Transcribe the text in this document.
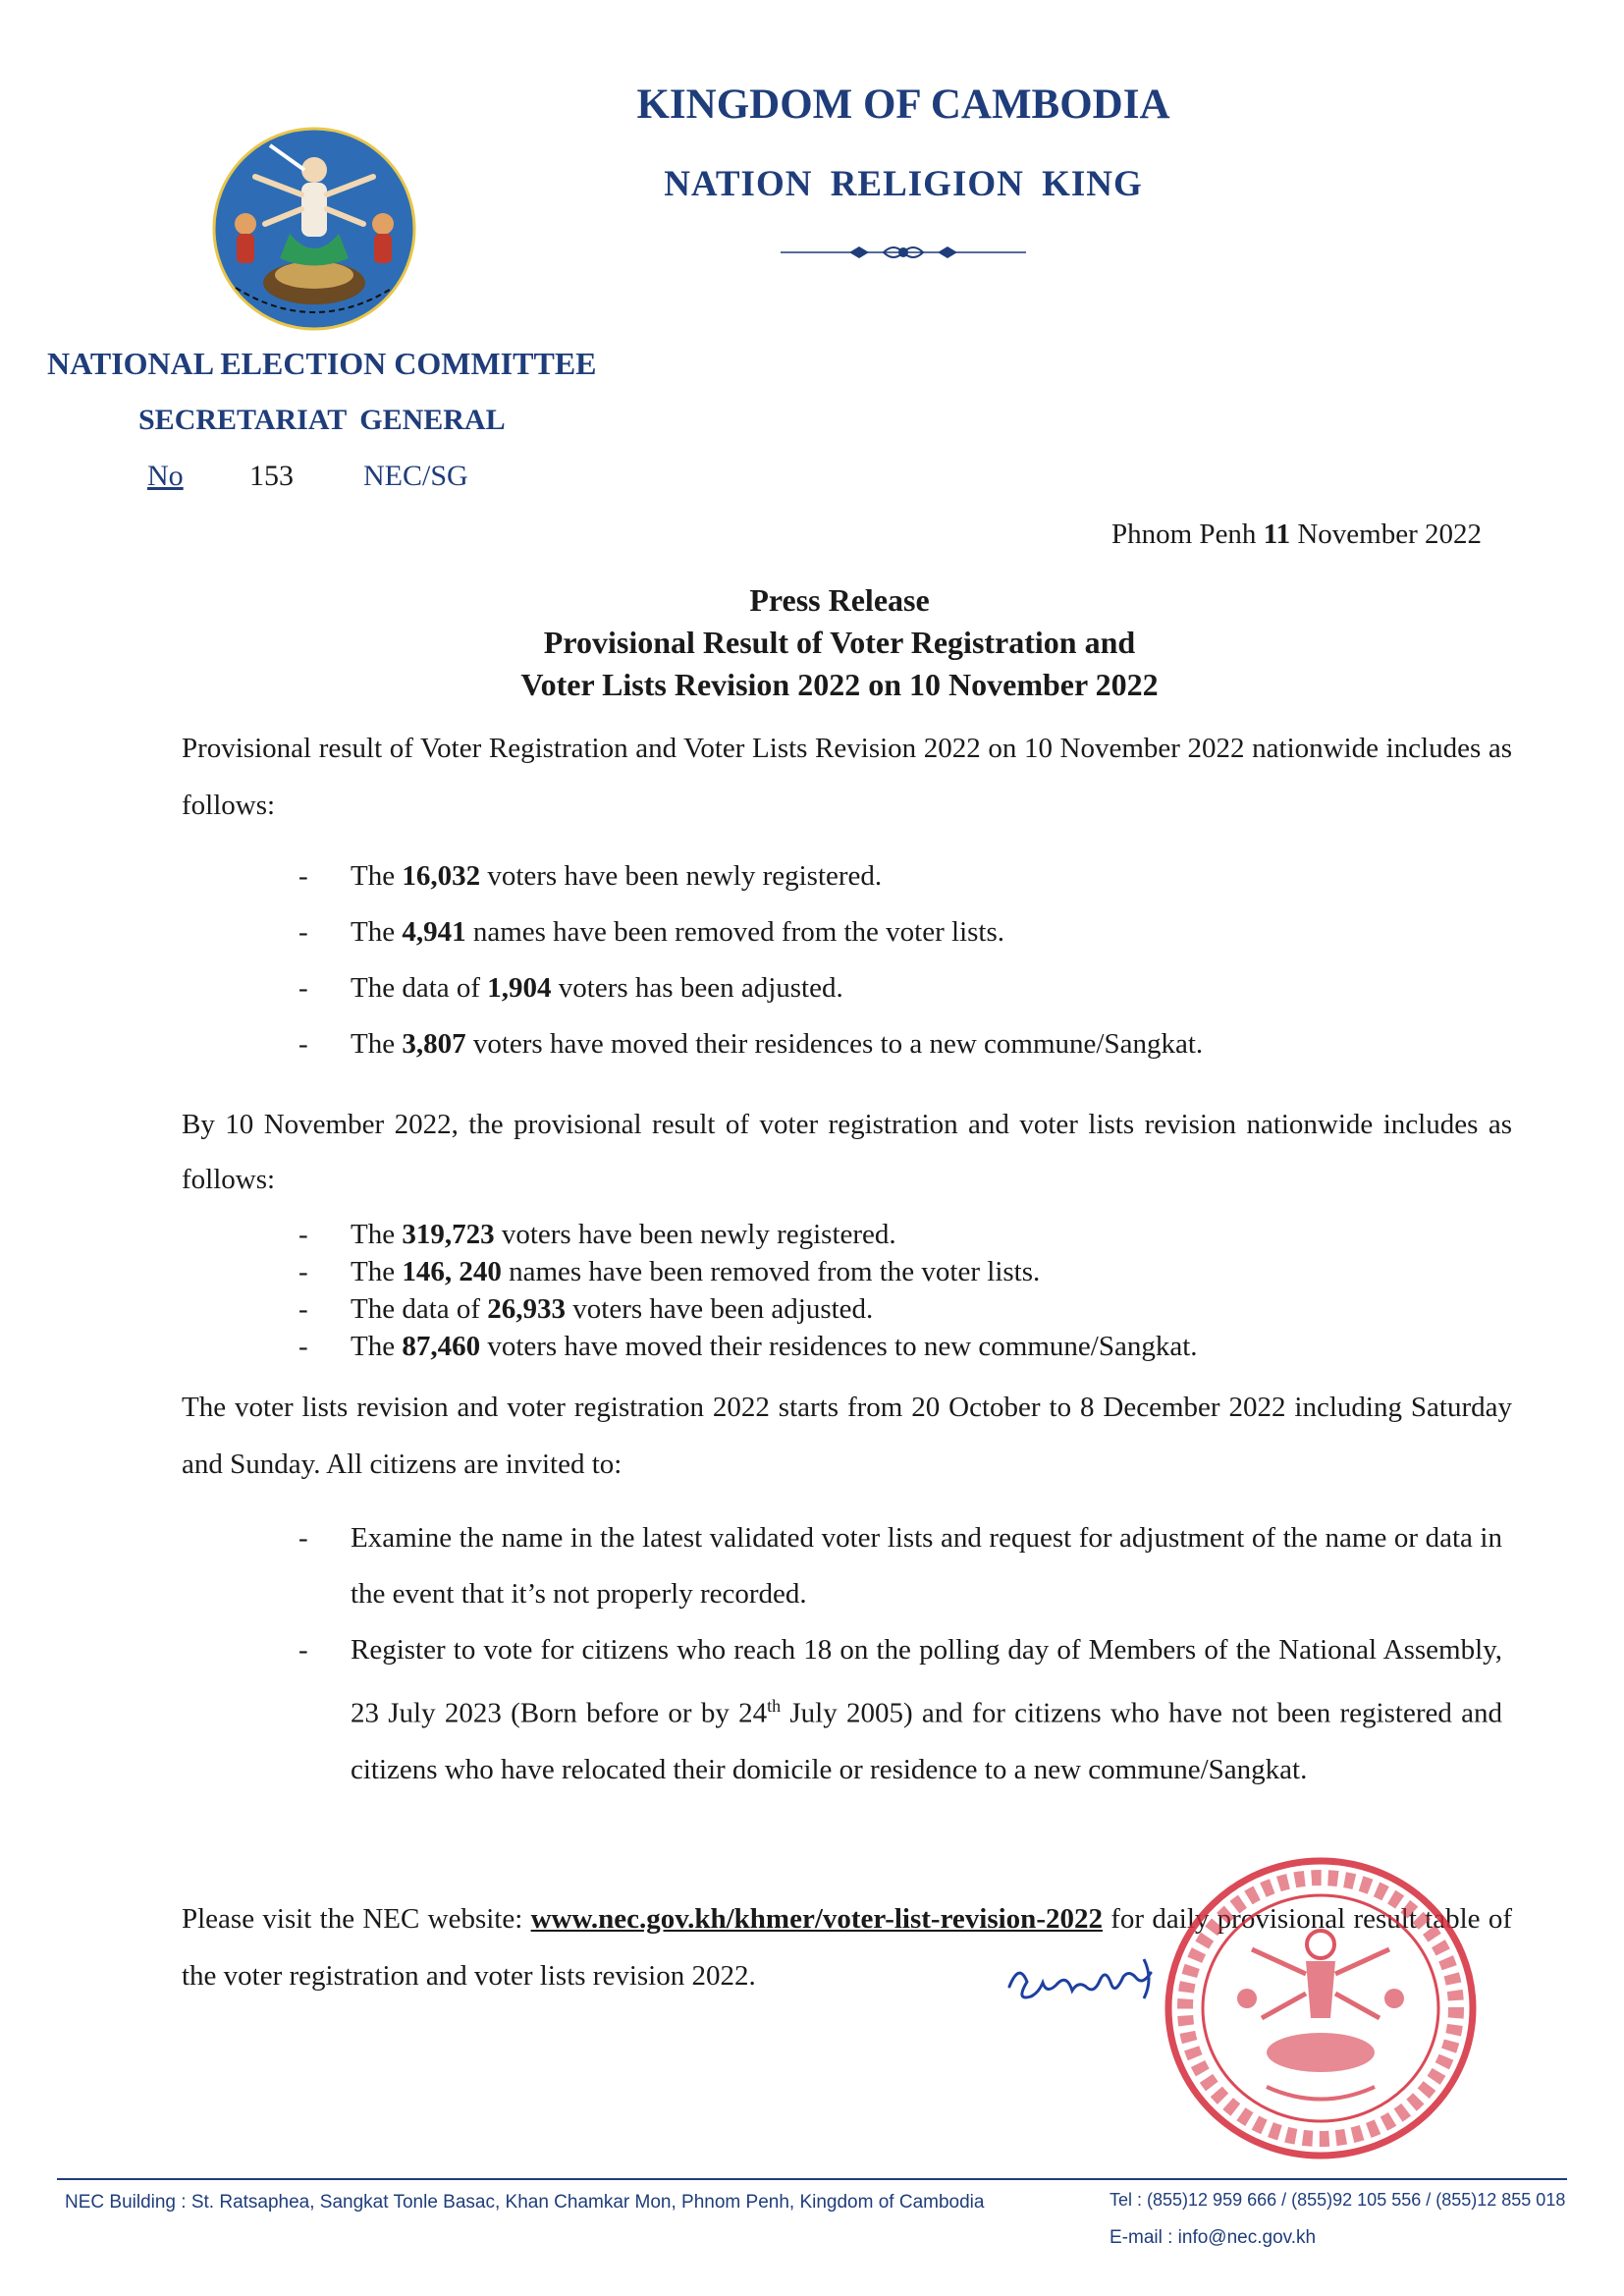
KINGDOM OF CAMBODIA
NATION RELIGION KING
NATIONAL ELECTION COMMITTEE
SECRETARIAT GENERAL
No 153 NEC/SG
Phnom Penh 11 November 2022
Press Release
Provisional Result of Voter Registration and
Voter Lists Revision 2022 on 10 November 2022
Provisional result of Voter Registration and Voter Lists Revision 2022 on 10 November 2022 nationwide includes as follows:
- The 16,032 voters have been newly registered.
- The 4,941 names have been removed from the voter lists.
- The data of 1,904 voters has been adjusted.
- The 3,807 voters have moved their residences to a new commune/Sangkat.
By 10 November 2022, the provisional result of voter registration and voter lists revision nationwide includes as follows:
- The 319,723 voters have been newly registered.
- The 146, 240 names have been removed from the voter lists.
- The data of 26,933 voters have been adjusted.
- The 87,460 voters have moved their residences to new commune/Sangkat.
The voter lists revision and voter registration 2022 starts from 20 October to 8 December 2022 including Saturday and Sunday. All citizens are invited to:
- Examine the name in the latest validated voter lists and request for adjustment of the name or data in the event that it’s not properly recorded.
- Register to vote for citizens who reach 18 on the polling day of Members of the National Assembly, 23 July 2023 (Born before or by 24th July 2005) and for citizens who have not been registered and citizens who have relocated their domicile or residence to a new commune/Sangkat.
Please visit the NEC website: www.nec.gov.kh/khmer/voter-list-revision-2022 for daily provisional result table of the voter registration and voter lists revision 2022.
NEC Building : St. Ratsaphea, Sangkat Tonle Basac, Khan Chamkar Mon, Phnom Penh, Kingdom of Cambodia	Tel : (855)12 959 666 / (855)92 105 556 / (855)12 855 018
E-mail : info@nec.gov.kh
